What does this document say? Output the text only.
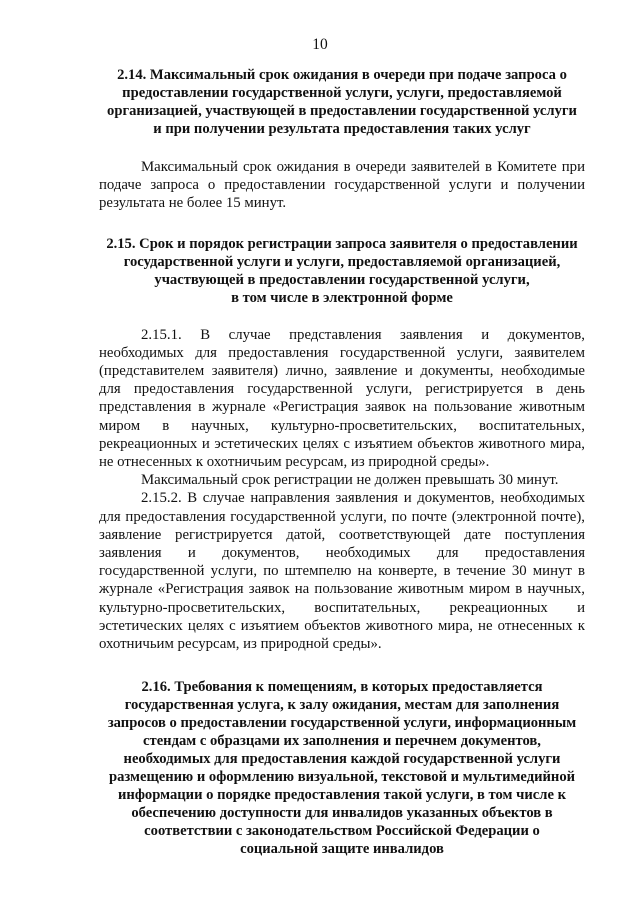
10
2.14. Максимальный срок ожидания в очереди при подаче запроса о
предоставлении государственной услуги, услуги, предоставляемой
организацией, участвующей в предоставлении государственной услуги
и при получении результата предоставления таких услуг

Максимальный срок ожидания в очереди заявителей в Комитете при
подаче запроса о предоставлении государственной услуги и получении
результата не более 15 минут.

2.15. Срок и порядок регистрации запроса заявителя о предоставлении
государственной услуги и услуги, предоставляемой организацией,
участвующей в предоставлении государственной услуги,
в том числе в электронной форме

2.15.1. В случае представления заявления и документов,
необходимых для предоставления государственной услуги, заявителем
(представителем заявителя) лично, заявление и документы, необходимые
для предоставления государственной услуги, регистрируется в день
представления в журнале «Регистрация заявок на пользование животным
миром в научных, культурно-просветительских, воспитательных,
рекреационных и эстетических целях с изъятием объектов животного мира,
не отнесенных к охотничьим ресурсам, из природной среды».

Максимальный срок регистрации не должен превышать 30 минут.

2.15.2. В случае направления заявления и документов, необходимых
для предоставления государственной услуги, по почте (электронной почте),
заявление регистрируется датой, соответствующей дате поступления
заявления и документов, необходимых для предоставления
государственной услуги, по штемпелю на конверте, в течение 30 минут в
журнале «Регистрация заявок на пользование животным миром в научных,
культурно-просветительских, воспитательных, рекреационных и
эстетических целях с изъятием объектов животного мира, не отнесенных к
охотничьим ресурсам, из природной среды».

2.16. Требования к помещениям, в которых предоставляется
государственная услуга, к залу ожидания, местам для заполнения
запросов о предоставлении государственной услуги, информационным
стендам с образцами их заполнения и перечнем документов,
необходимых для предоставления каждой государственной услуги
размещению и оформлению визуальной, текстовой и мультимедийной
информации о порядке предоставления такой услуги, в том числе к
обеспечению доступности для инвалидов указанных объектов в
соответствии с законодательством Российской Федерации о
социальной защите инвалидов
